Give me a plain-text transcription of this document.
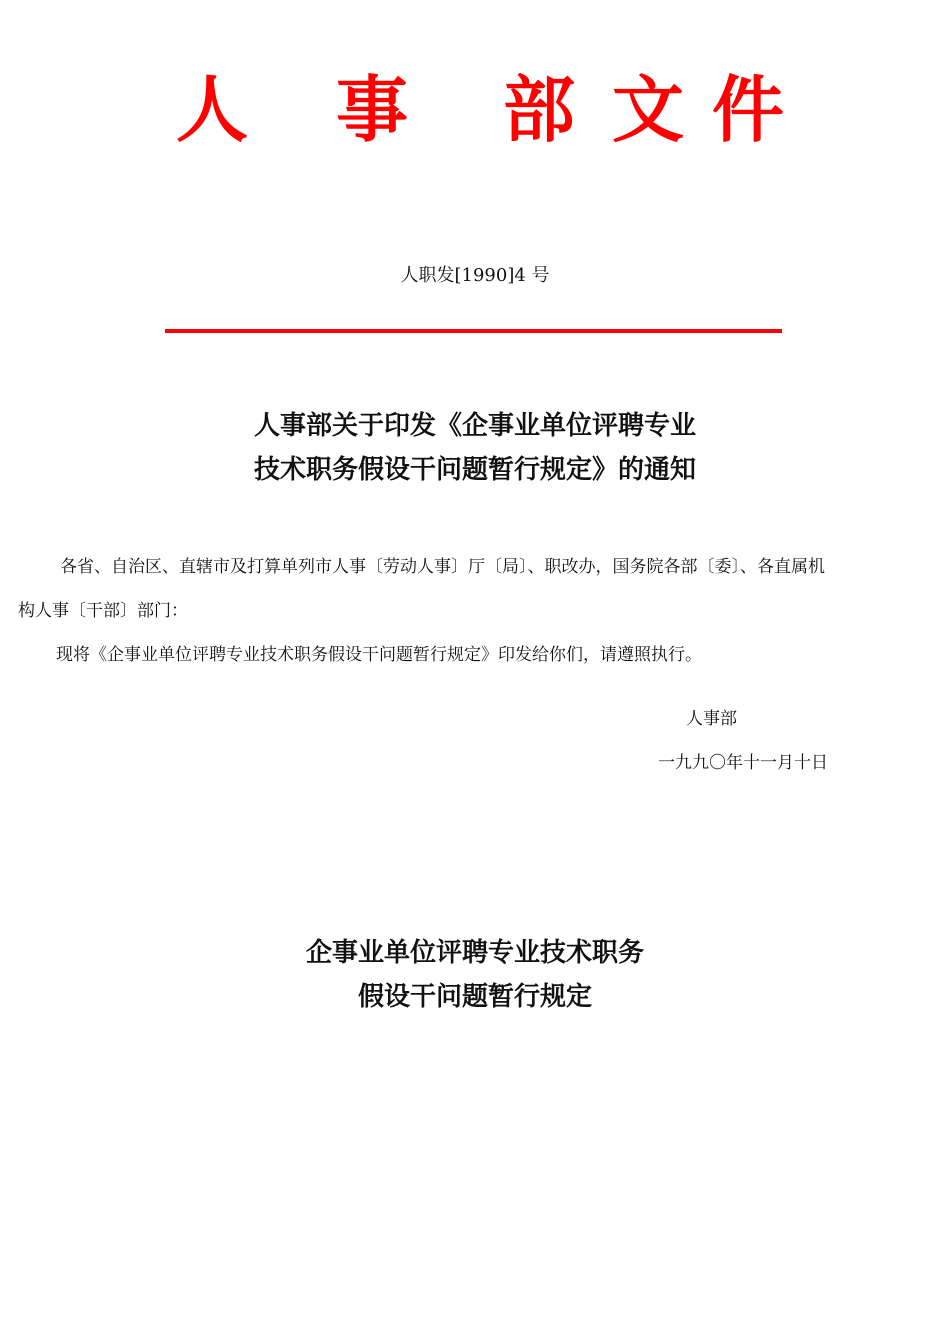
人 事 部 文 件
人职发[1990]4 号
人事部关于印发《企事业单位评聘专业
技术职务假设干问题暂行规定》的通知
各省、自治区、直辖市及打算单列市人事〔劳动人事〕厅〔局〕、职改办，国务院各部〔委〕、各直属机
构人事〔干部〕部门：
现将《企事业单位评聘专业技术职务假设干问题暂行规定》印发给你们，请遵照执行。
人事部
一九九〇年十一月十日
企事业单位评聘专业技术职务
假设干问题暂行规定
